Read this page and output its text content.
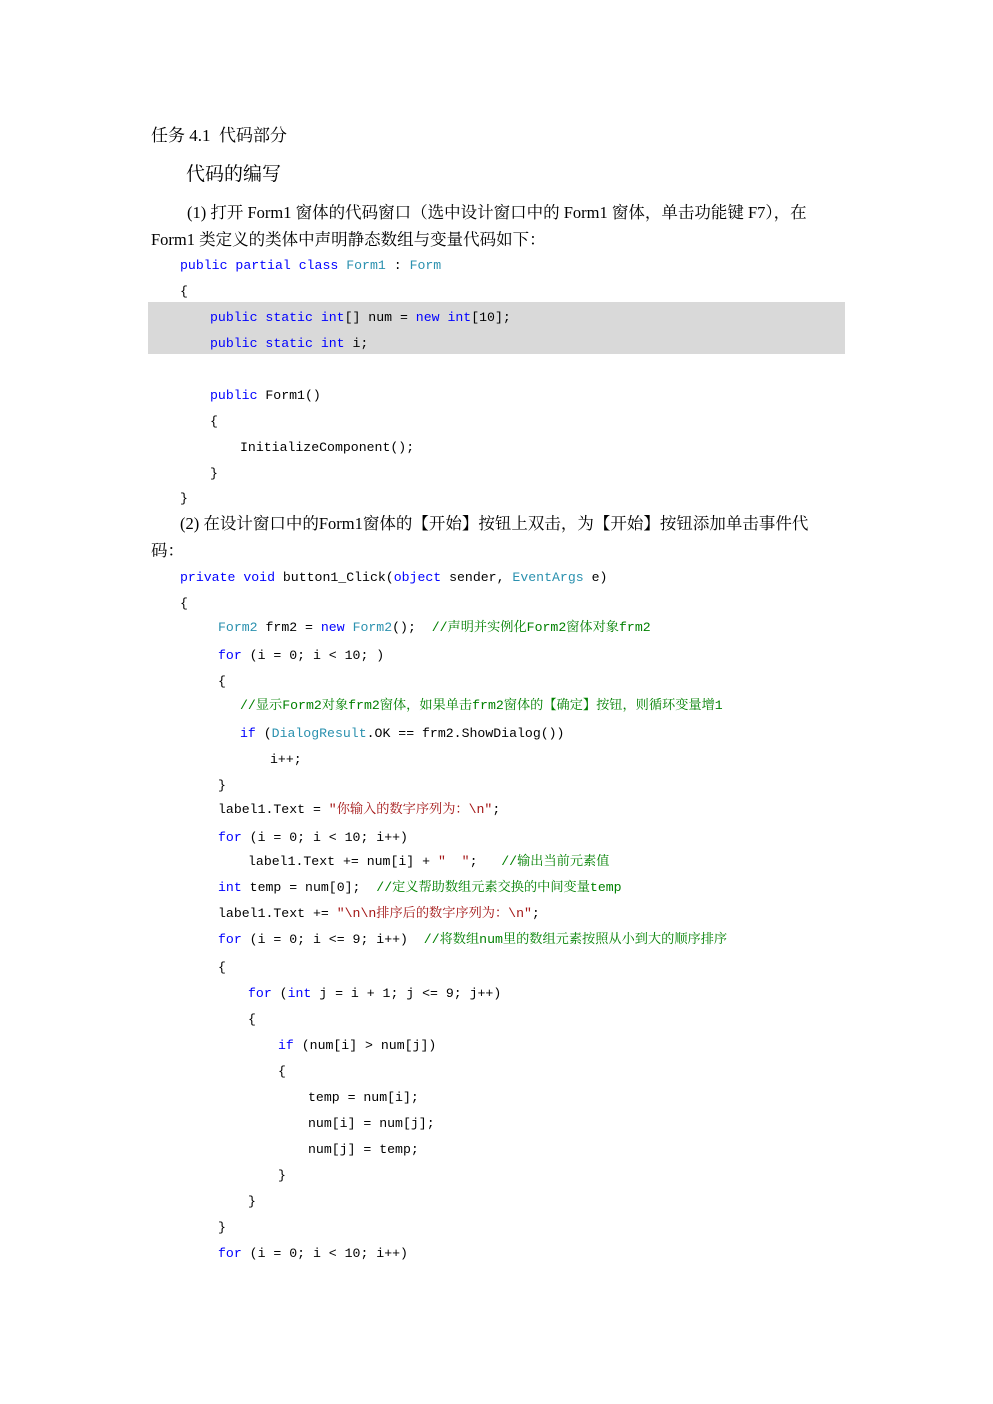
任务 4.1  代码部分
代码的编写
(1) 打开 Form1 窗体的代码窗口（选中设计窗口中的 Form1 窗体，单击功能键 F7），在 Form1 类定义的类体中声明静态数组与变量代码如下：
public partial class Form1 : Form
{
public static int[] num = new int[10];
public static int i;
public Form1()
{
InitializeComponent();
}
}
(2) 在设计窗口中的Form1窗体的【开始】按钮上双击，为【开始】按钮添加单击事件代码：
private void button1_Click(object sender, EventArgs e)
{
Form2 frm2 = new Form2();  //声明并实例化Form2窗体对象frm2
for (i = 0; i < 10; )
{
//显示Form2对象frm2窗体，如果单击frm2窗体的【确定】按钮，则循环变量增1
if (DialogResult.OK == frm2.ShowDialog())
i++;
}
label1.Text = "你输入的数字序列为：\n";
for (i = 0; i < 10; i++)
label1.Text += num[i] + "  ";   //输出当前元素值
int temp = num[0];  //定义帮助数组元素交换的中间变量temp
label1.Text += "\n\n排序后的数字序列为：\n";
for (i = 0; i <= 9; i++)  //将数组num里的数组元素按照从小到大的顺序排序
{
for (int j = i + 1; j <= 9; j++)
{
if (num[i] > num[j])
{
temp = num[i];
num[i] = num[j];
num[j] = temp;
}
}
}
for (i = 0; i < 10; i++)
